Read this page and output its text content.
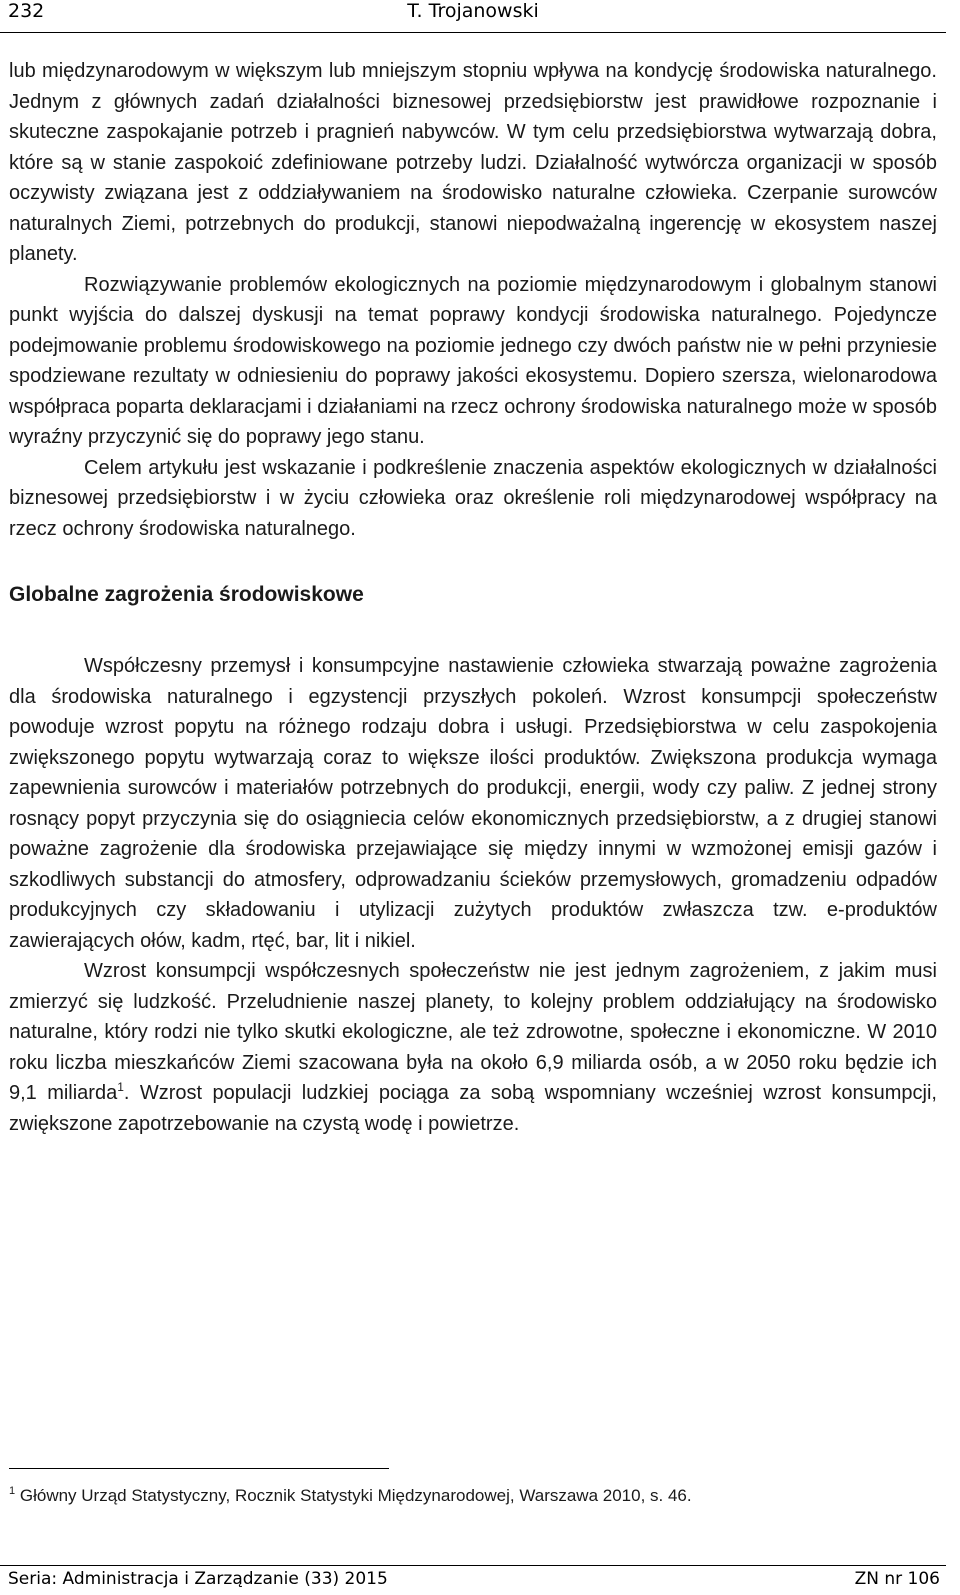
232	T. Trojanowski

lub międzynarodowym w większym lub mniejszym stopniu wpływa na kondycję środowiska naturalnego. Jednym z głównych zadań działalności biznesowej przedsiębiorstw jest prawidłowe rozpoznanie i skuteczne zaspokajanie potrzeb i pragnień nabywców. W tym celu przedsiębiorstwa wytwarzają dobra, które są w stanie zaspokoić zdefiniowane potrzeby ludzi. Działalność wytwórcza organizacji w sposób oczywisty związana jest z oddziaływaniem na środowisko naturalne człowieka. Czerpanie surowców naturalnych Ziemi, potrzebnych do produkcji, stanowi niepodważalną ingerencję w ekosystem naszej planety.

Rozwiązywanie problemów ekologicznych na poziomie międzynarodowym i globalnym stanowi punkt wyjścia do dalszej dyskusji na temat poprawy kondycji środowiska naturalnego. Pojedyncze podejmowanie problemu środowiskowego na poziomie jednego czy dwóch państw nie w pełni przyniesie spodziewane rezultaty w odniesieniu do poprawy jakości ekosystemu. Dopiero szersza, wielonarodowa współpraca poparta deklaracjami i działaniami na rzecz ochrony środowiska naturalnego może w sposób wyraźny przyczynić się do poprawy jego stanu.

Celem artykułu jest wskazanie i podkreślenie znaczenia aspektów ekologicznych w działalności biznesowej przedsiębiorstw i w życiu człowieka oraz określenie roli międzynarodowej współpracy na rzecz ochrony środowiska naturalnego.

Globalne zagrożenia środowiskowe

Współczesny przemysł i konsumpcyjne nastawienie człowieka stwarzają poważne zagrożenia dla środowiska naturalnego i egzystencji przyszłych pokoleń. Wzrost konsumpcji społeczeństw powoduje wzrost popytu na różnego rodzaju dobra i usługi. Przedsiębiorstwa w celu zaspokojenia zwiększonego popytu wytwarzają coraz to większe ilości produktów. Zwiększona produkcja wymaga zapewnienia surowców i materiałów potrzebnych do produkcji, energii, wody czy paliw. Z jednej strony rosnący popyt przyczynia się do osiągniecia celów ekonomicznych przedsiębiorstw, a z drugiej stanowi poważne zagrożenie dla środowiska przejawiające się między innymi w wzmożonej emisji gazów i szkodliwych substancji do atmosfery, odprowadzaniu ścieków przemysłowych, gromadzeniu odpadów produkcyjnych czy składowaniu i utylizacji zużytych produktów zwłaszcza tzw. e-produktów zawierających ołów, kadm, rtęć, bar, lit i nikiel.

Wzrost konsumpcji współczesnych społeczeństw nie jest jednym zagrożeniem, z jakim musi zmierzyć się ludzkość. Przeludnienie naszej planety, to kolejny problem oddziałujący na środowisko naturalne, który rodzi nie tylko skutki ekologiczne, ale też zdrowotne, społeczne i ekonomiczne. W 2010 roku liczba mieszkańców Ziemi szacowana była na około 6,9 miliarda osób, a w 2050 roku będzie ich 9,1 miliarda$^1$. Wzrost populacji ludzkiej pociąga za sobą wspomniany wcześniej wzrost konsumpcji, zwiększone zapotrzebowanie na czystą wodę i powietrze.

$^1$ Główny Urząd Statystyczny, Rocznik Statystyki Międzynarodowej, Warszawa 2010, s. 46.
Seria: Administracja i Zarządzanie (33) 2015	ZN nr 106
